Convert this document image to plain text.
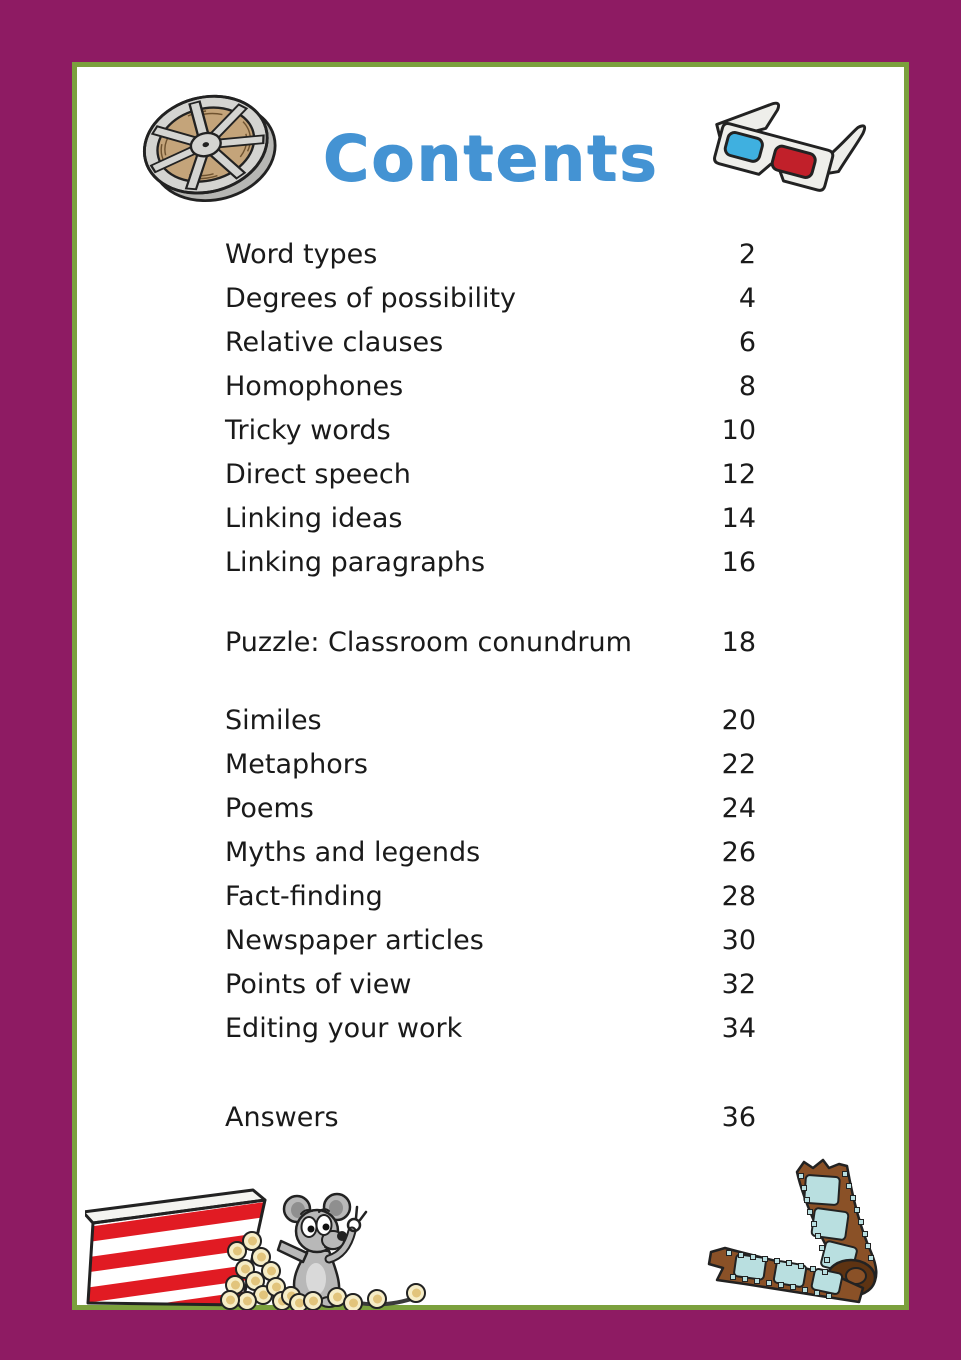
Contents
Word types	2
Degrees of possibility	4
Relative clauses	6
Homophones	8
Tricky words	10
Direct speech	12
Linking ideas	14
Linking paragraphs	16
Puzzle: Classroom conundrum	18
Similes	20
Metaphors	22
Poems	24
Myths and legends	26
Fact-finding	28
Newspaper articles	30
Points of view	32
Editing your work	34
Answers	36
